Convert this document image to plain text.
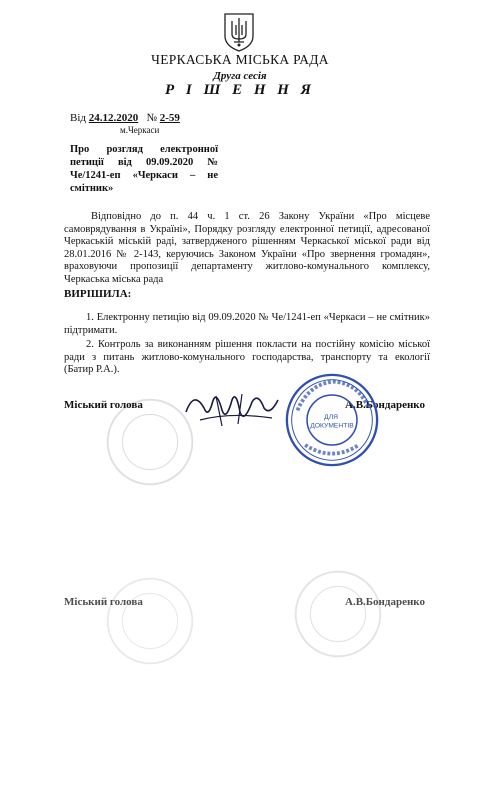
ЧЕРКАСЬКА МІСЬКА РАДА
Друга сесія
Р І Ш Е Н Н Я
Від 24.12.2020 № 2-59
м.Черкаси
Про розгляд електронної петиції від 09.09.2020 № Че/1241-еп «Черкаси – не смітник»
Відповідно до п. 44 ч. 1 ст. 26 Закону України «Про місцеве самоврядування в Україні», Порядку розгляду електронної петиції, адресованої Черкаській міській раді, затвердженого рішенням Черкаської міської ради від 28.01.2016 № 2-143, керуючись Законом України «Про звернення громадян», враховуючи пропозиції департаменту житлово-комунального комплексу, Черкаська міська рада
ВИРІШИЛА:
1. Електронну петицію від 09.09.2020 № Че/1241-еп «Черкаси – не смітник» підтримати.
2. Контроль за виконанням рішення покласти на постійну комісію міської ради з питань житлово-комунального господарства, транспорту та екології (Батир Р.А.).
Міський голова	А.В.Бондаренко
ДЛЯ ДОКУМЕНТІВ
Міський голова	А.В.Бондаренко
